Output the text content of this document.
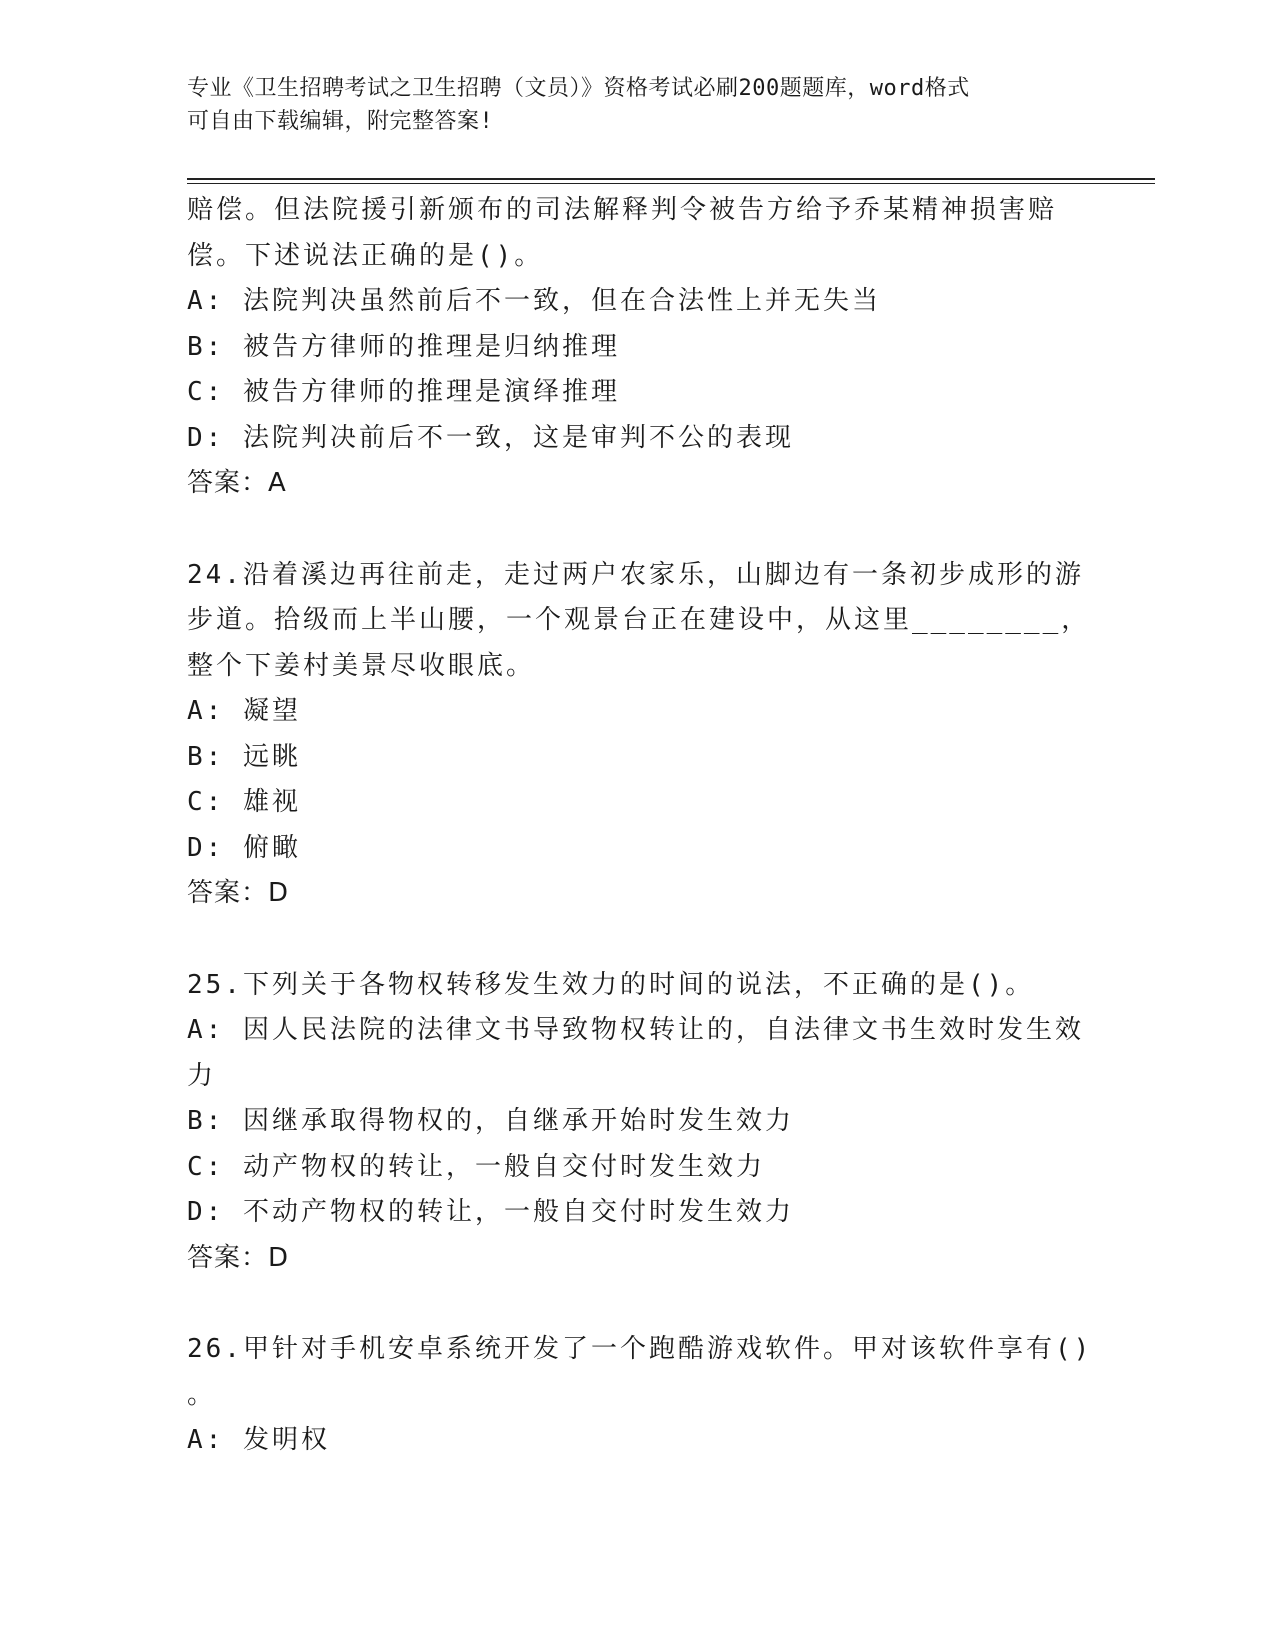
专业《卫生招聘考试之卫生招聘（文员）》资格考试必刷200题题库，word格式
可自由下载编辑，附完整答案!
赔偿。但法院援引新颁布的司法解释判令被告方给予乔某精神损害赔
偿。下述说法正确的是()。
A: 法院判决虽然前后不一致，但在合法性上并无失当
B: 被告方律师的推理是归纳推理
C: 被告方律师的推理是演绎推理
D: 法院判决前后不一致，这是审判不公的表现
答案：A
24.沿着溪边再往前走，走过两户农家乐，山脚边有一条初步成形的游
步道。拾级而上半山腰，一个观景台正在建设中，从这里________，
整个下姜村美景尽收眼底。
A: 凝望
B: 远眺
C: 雄视
D: 俯瞰
答案：D
25.下列关于各物权转移发生效力的时间的说法，不正确的是()。
A: 因人民法院的法律文书导致物权转让的，自法律文书生效时发生效
力
B: 因继承取得物权的，自继承开始时发生效力
C: 动产物权的转让，一般自交付时发生效力
D: 不动产物权的转让，一般自交付时发生效力
答案：D
26.甲针对手机安卓系统开发了一个跑酷游戏软件。甲对该软件享有()
。
A: 发明权
